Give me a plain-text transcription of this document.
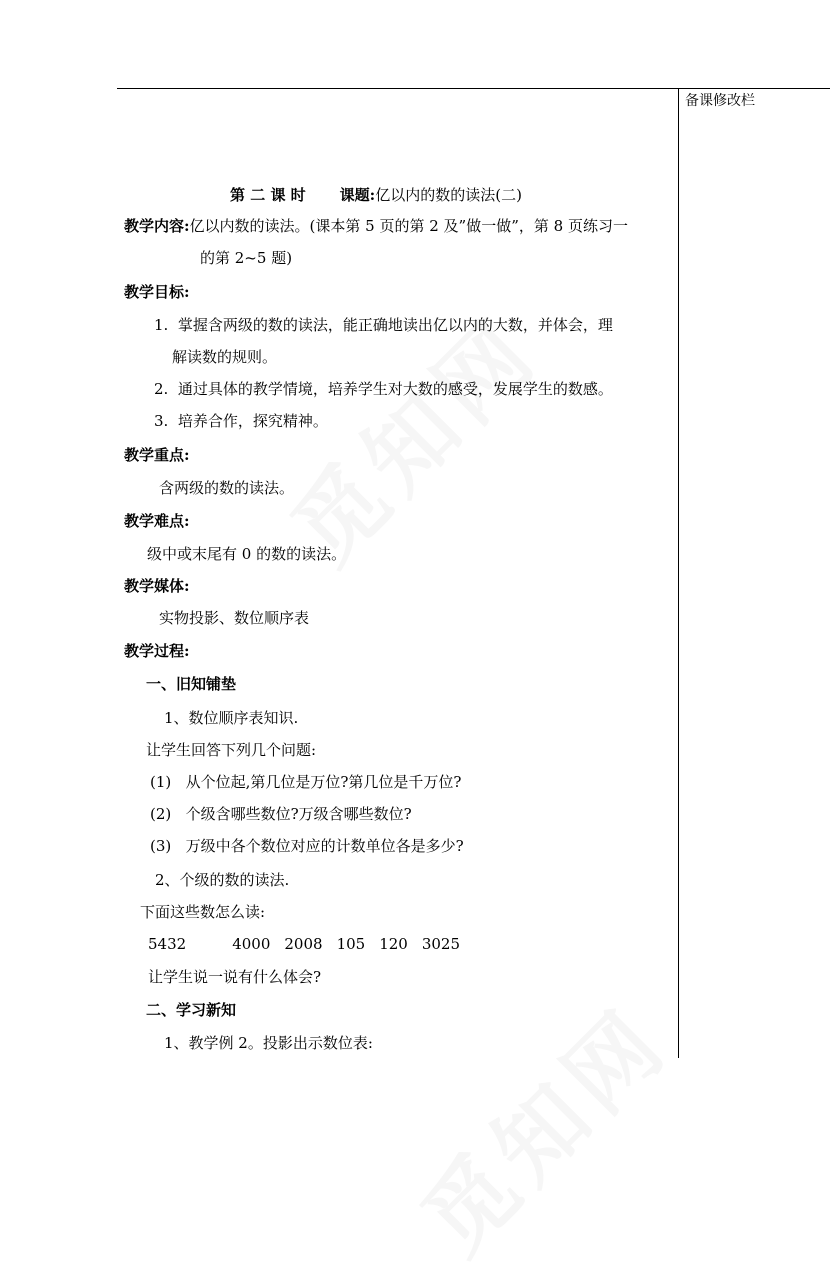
备课修改栏
第 二 课 时 课题:亿以内的数的读法(二)
教学内容:亿以内数的读法。(课本第 5 页的第 2 及”做一做”，第 8 页练习一
的第 2~5 题)
教学目标:
1. 掌握含两级的数的读法，能正确地读出亿以内的大数，并体会，理
解读数的规则。
2. 通过具体的教学情境，培养学生对大数的感受，发展学生的数感。
3. 培养合作，探究精神。
教学重点:
含两级的数的读法。
教学难点:
级中或末尾有 0 的数的读法。
教学媒体:
实物投影、数位顺序表
教学过程:
一、旧知铺垫
1、数位顺序表知识.
让学生回答下列几个问题:
(1) 从个位起,第几位是万位?第几位是千万位?
(2) 个级含哪些数位?万级含哪些数位?
(3) 万级中各个数位对应的计数单位各是多少?
2、个级的数的读法.
下面这些数怎么读:
5432	4000 2008 105 120 3025
让学生说一说有什么体会?
二、学习新知
1、教学例 2。投影出示数位表:
